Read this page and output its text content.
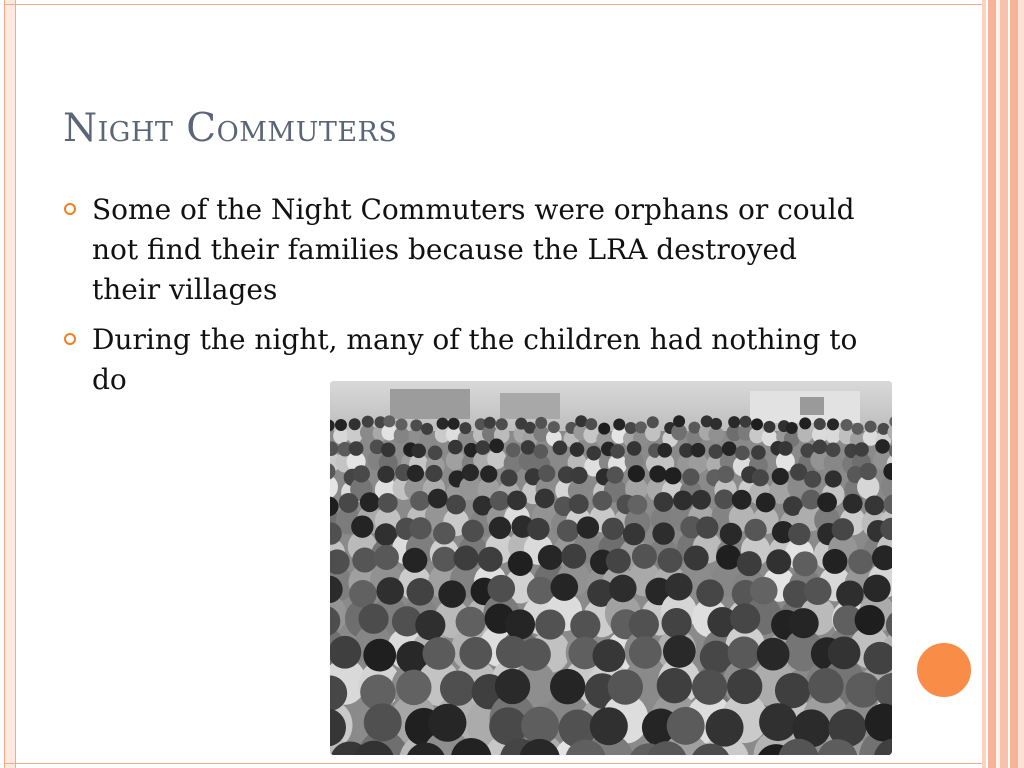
Night Commuters
Some of the Night Commuters were orphans or could not find their families because the LRA destroyed their villages
During the night, many of the children had nothing to do
